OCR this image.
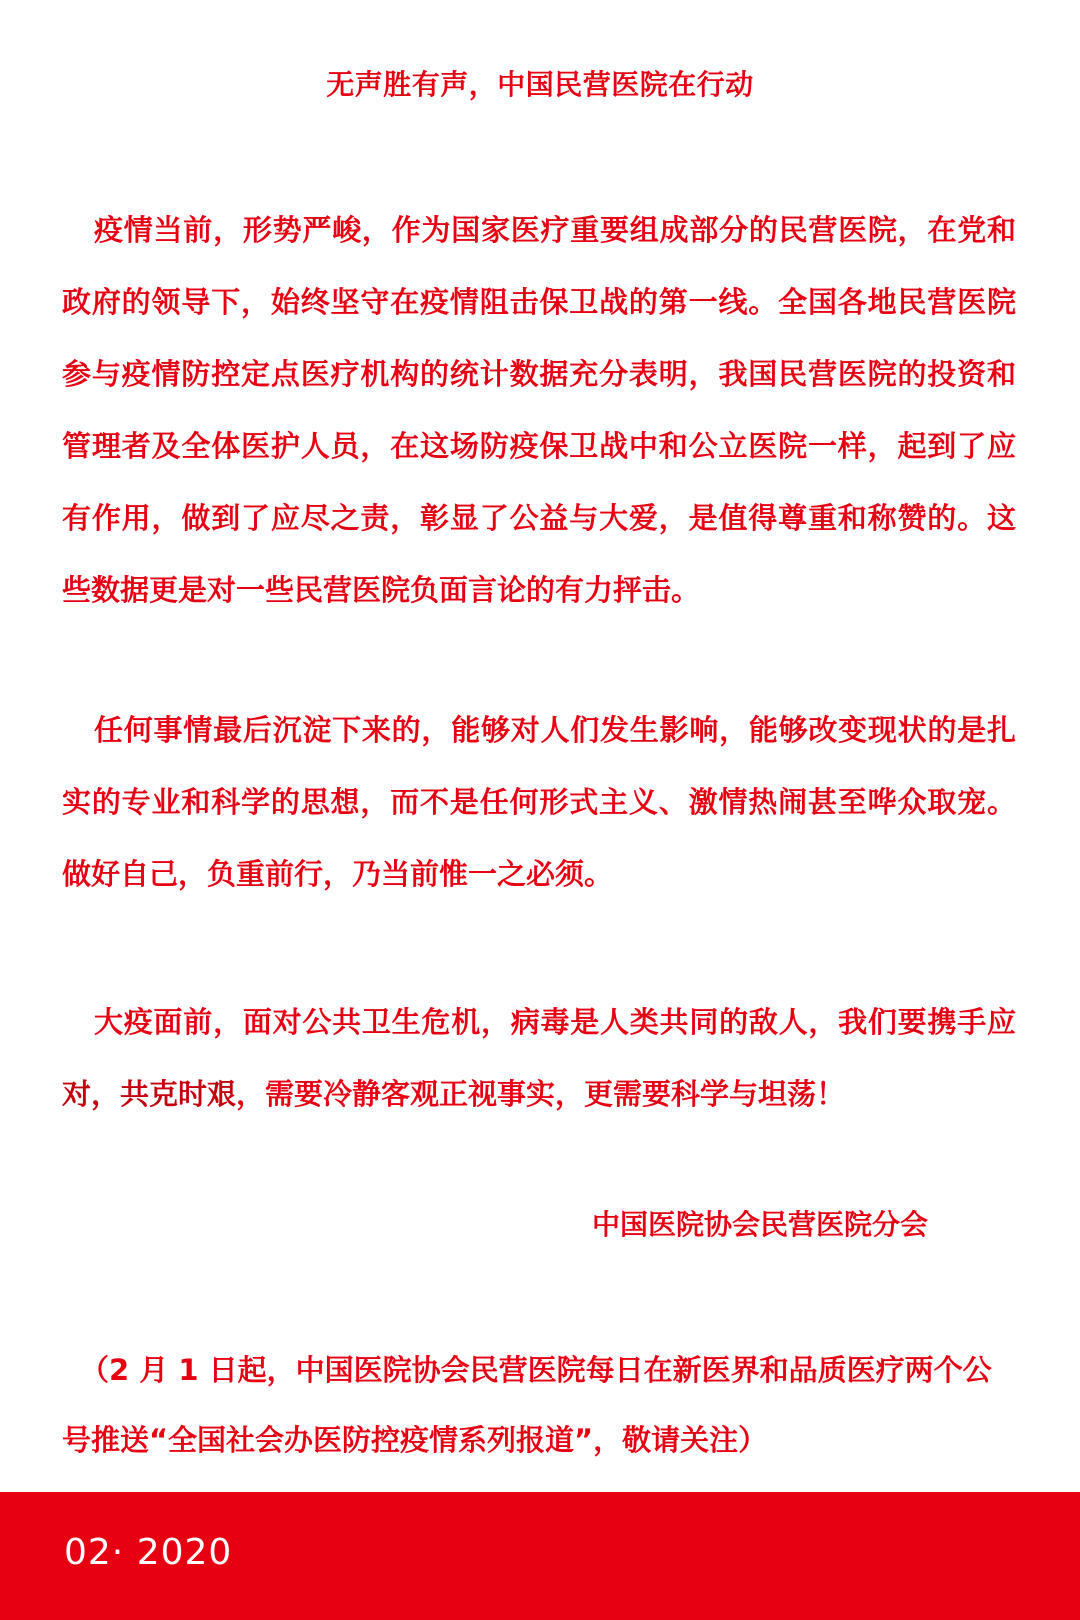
无声胜有声，中国民营医院在行动

疫情当前，形势严峻，作为国家医疗重要组成部分的民营医院，在党和政府的领导下，始终坚守在疫情阻击保卫战的第一线。全国各地民营医院参与疫情防控定点医疗机构的统计数据充分表明，我国民营医院的投资和管理者及全体医护人员，在这场防疫保卫战中和公立医院一样，起到了应有作用，做到了应尽之责，彰显了公益与大爱，是值得尊重和称赞的。这些数据更是对一些民营医院负面言论的有力抨击。

任何事情最后沉淀下来的，能够对人们发生影响，能够改变现状的是扎实的专业和科学的思想，而不是任何形式主义、激情热闹甚至哗众取宠。做好自己，负重前行，乃当前惟一之必须。

大疫面前，面对公共卫生危机，病毒是人类共同的敌人，我们要携手应对，共克时艰，需要冷静客观正视事实，更需要科学与坦荡！

中国医院协会民营医院分会

（2 月 1 日起，中国医院协会民营医院每日在新医界和品质医疗两个公号推送“全国社会办医防控疫情系列报道”，敬请关注）

02· 2020
